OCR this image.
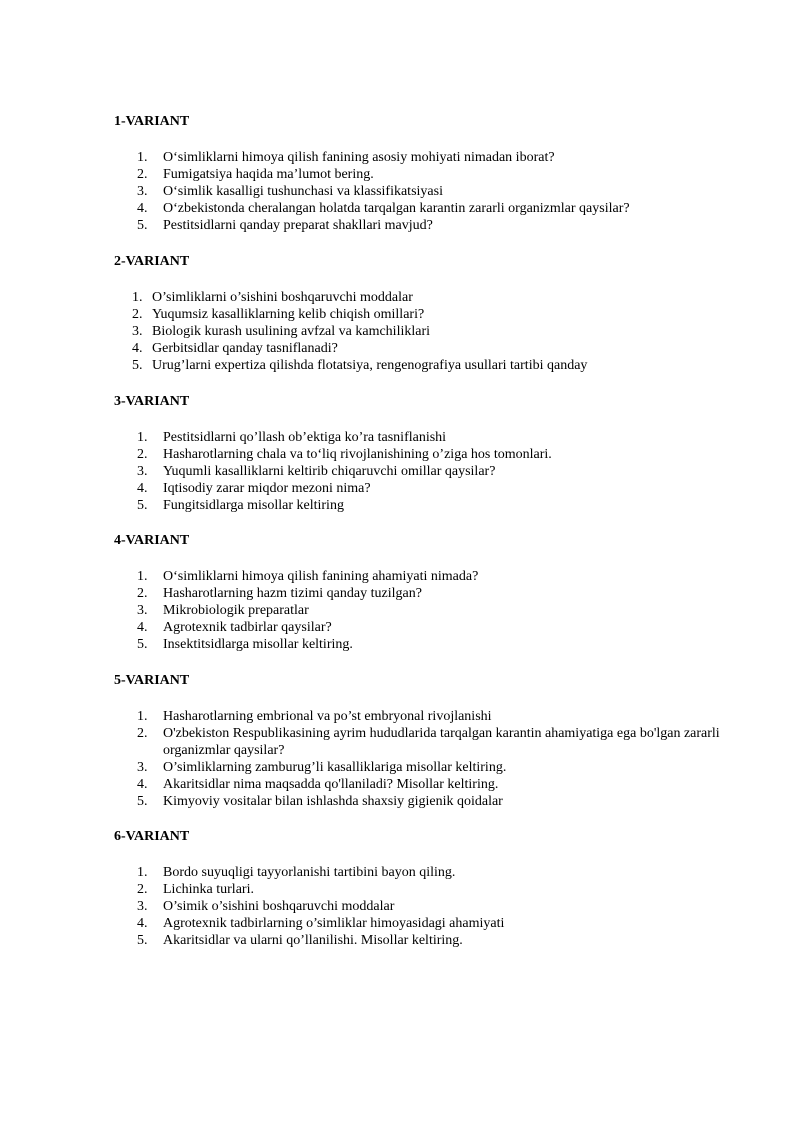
1-VARIANT
1.	O‘simliklarni himoya qilish fanining asosiy mohiyati nimadan iborat?
2.	Fumigatsiya haqida ma’lumot bering.
3.	O‘simlik kasalligi tushunchasi va klassifikatsiyasi
4.	O‘zbekistonda cheralangan holatda tarqalgan karantin zararli organizmlar qaysilar?
5.	Pestitsidlarni qanday preparat shakllari mavjud?
2-VARIANT
1. O’simliklarni o’sishini boshqaruvchi moddalar
2. Yuqumsiz kasalliklarning kelib chiqish omillari?
3. Biologik kurash usulining avfzal va kamchiliklari
4. Gerbitsidlar qanday tasniflanadi?
5. Urug’larni expertiza qilishda flotatsiya, rengenografiya usullari tartibi qanday
3-VARIANT
1.	Pestitsidlarni qo’llash ob’ektiga ko’ra tasniflanishi
2.	Hasharotlarning chala va to‘liq rivojlanishining o’ziga hos tomonlari.
3.	Yuqumli kasalliklarni keltirib chiqaruvchi omillar qaysilar?
4.	Iqtisodiy zarar miqdor mezoni nima?
5.	Fungitsidlarga misollar keltiring
4-VARIANT
1.	O‘simliklarni himoya qilish fanining ahamiyati nimada?
2.	Hasharotlarning hazm tizimi qanday tuzilgan?
3.	Mikrobiologik preparatlar
4.	Agrotexnik tadbirlar qaysilar?
5.	Insektitsidlarga misollar keltiring.
5-VARIANT
1.	Hasharotlarning embrional va po’st embryonal rivojlanishi
2.	O'zbekiston Respublikasining ayrim hududlarida tarqalgan karantin ahamiyatiga ega bo'lgan zararli organizmlar qaysilar?
3.	O’simliklarning zamburug’li kasalliklariga misollar keltiring.
4.	Akaritsidlar nima maqsadda qo'llaniladi? Misollar keltiring.
5.	Kimyoviy vositalar bilan ishlashda shaxsiy gigienik qoidalar
6-VARIANT
1.	Bordo suyuqligi tayyorlanishi tartibini bayon qiling.
2.	Lichinka turlari.
3.	O’simik o’sishini boshqaruvchi moddalar
4.	Agrotexnik tadbirlarning o’simliklar himoyasidagi ahamiyati
5.	Akaritsidlar va ularni qo’llanilishi. Misollar keltiring.
